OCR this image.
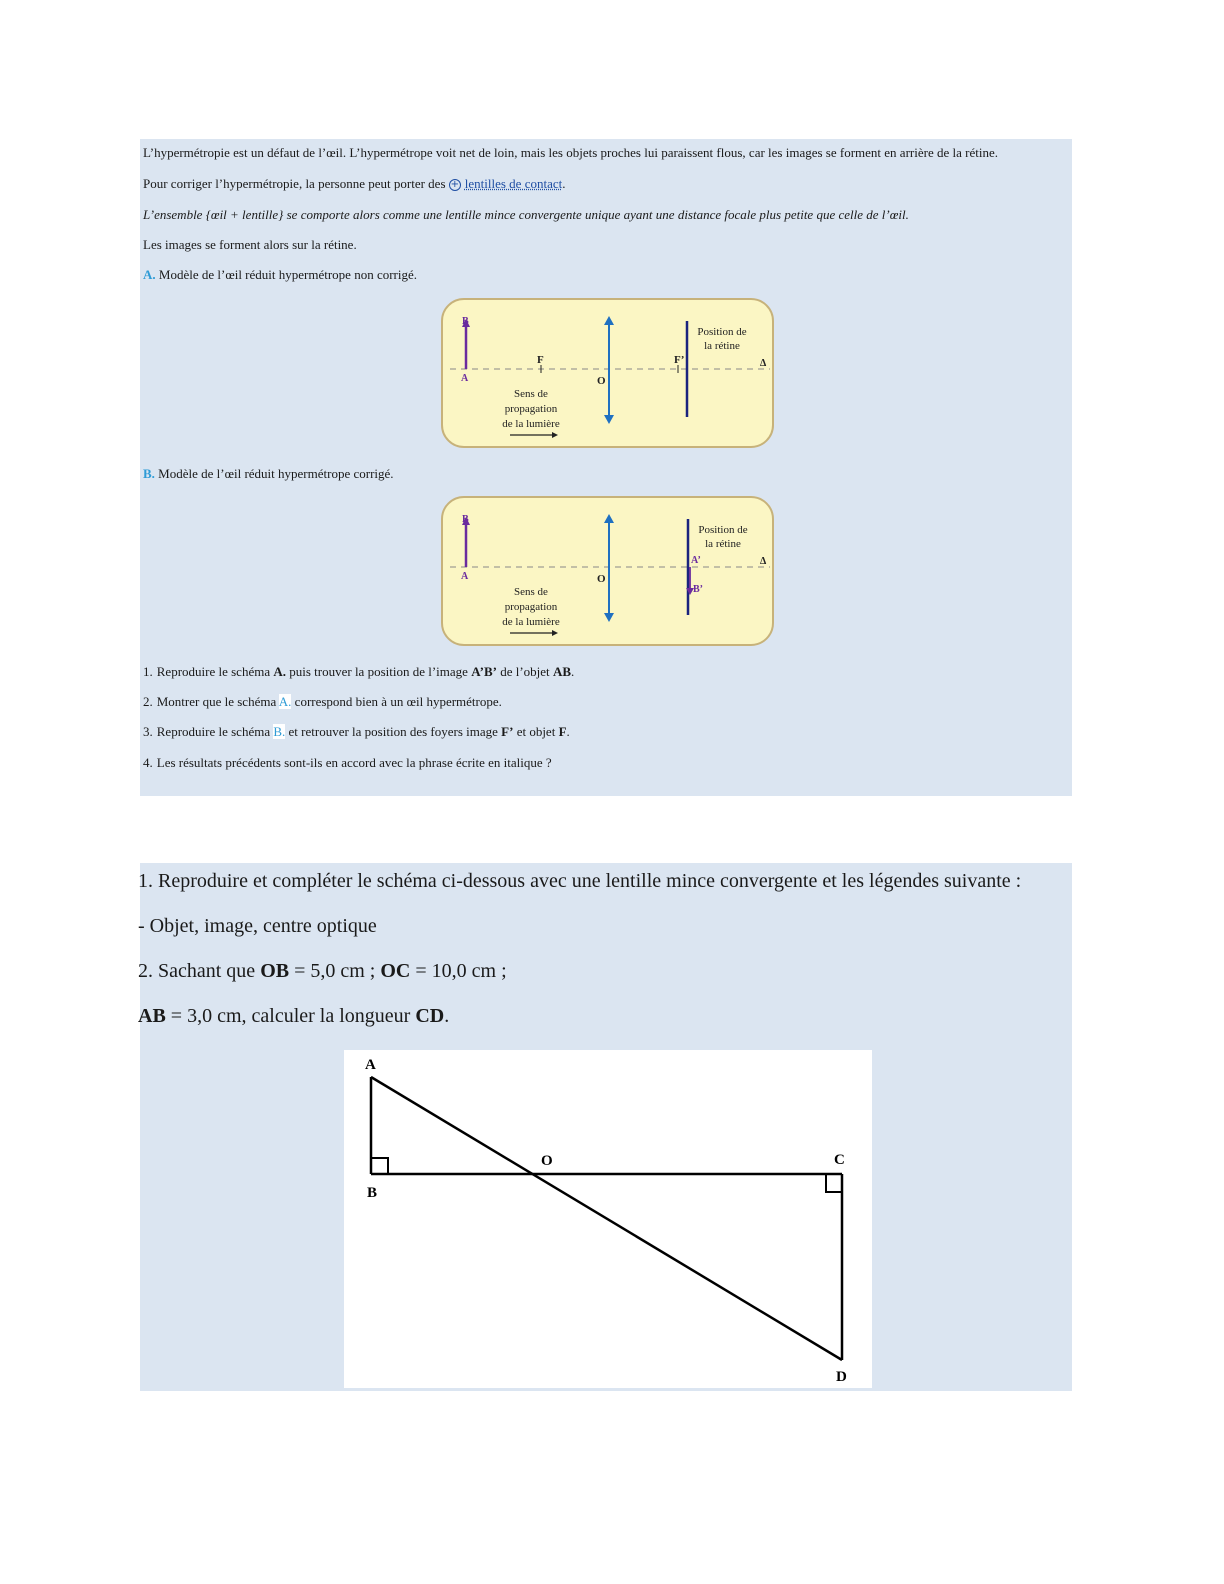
L’hypermétropie est un défaut de l’œil. L’hypermétrope voit net de loin, mais les objets proches lui paraissent flous, car les images se forment en arrière de la rétine.
Pour corriger l’hypermétropie, la personne peut porter des + lentilles de contact.
L’ensemble {œil + lentille} se comporte alors comme une lentille mince convergente unique ayant une distance focale plus petite que celle de l’œil.
Les images se forment alors sur la rétine.
A. Modèle de l’œil réduit hypermétrope non corrigé.
B
A
F
O
F’
Position de
la rétine
Δ
Sens de
propagation
de la lumière
B. Modèle de l’œil réduit hypermétrope corrigé.
B
A	O
A’
B’
Position de
la rétine
Δ
Sens de
propagation
de la lumière
1. Reproduire le schéma A. puis trouver la position de l’image A’B’ de l’objet AB.
2. Montrer que le schéma A. correspond bien à un œil hypermétrope.
3. Reproduire le schéma B. et retrouver la position des foyers image F’ et objet F.
4. Les résultats précédents sont-ils en accord avec la phrase écrite en italique ?
1. Reproduire et compléter le schéma ci-dessous avec une lentille mince convergente et les légendes suivante :
- Objet, image, centre optique
2. Sachant que OB = 5,0 cm ; OC = 10,0 cm ;
AB = 3,0 cm, calculer la longueur CD.
A
B
O	C
D
